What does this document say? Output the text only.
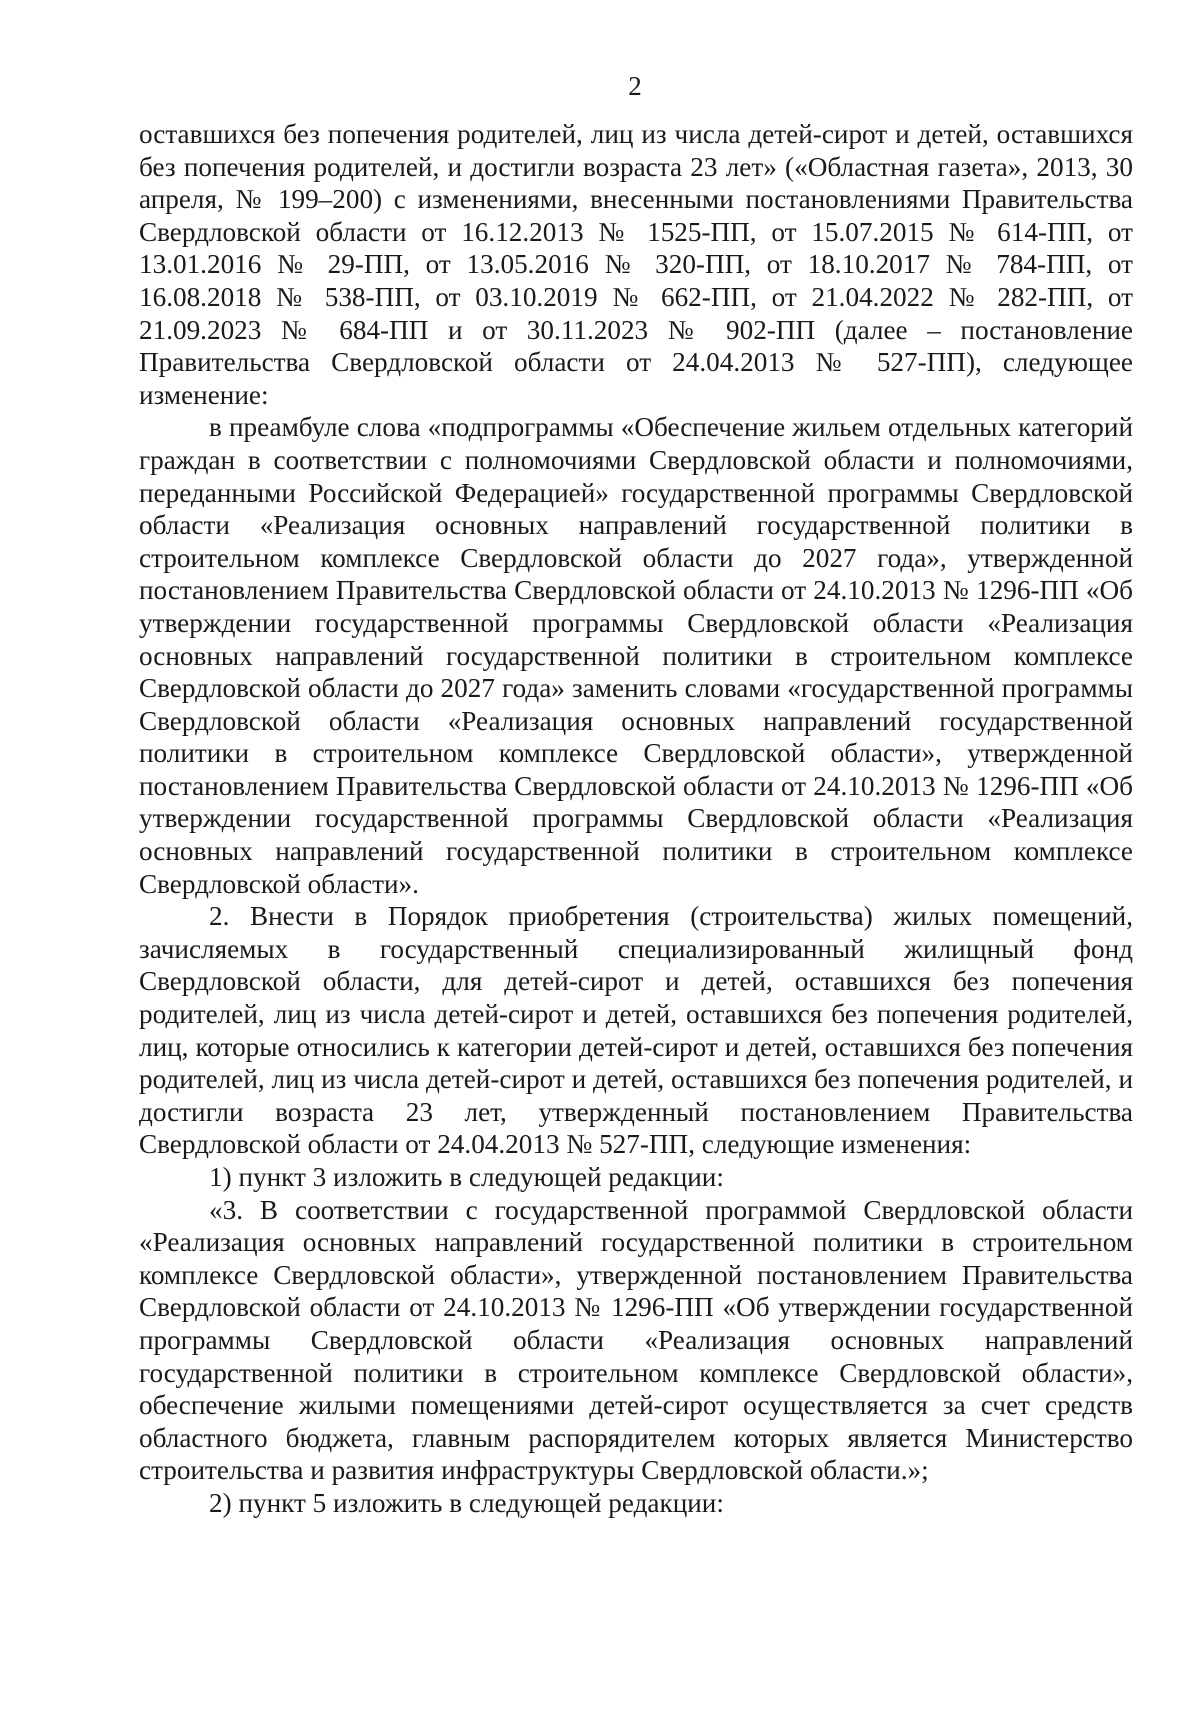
2

оставшихся без попечения родителей, лиц из числа детей-сирот и детей, оставшихся без попечения родителей, и достигли возраста 23 лет» («Областная газета», 2013, 30 апреля, № 199–200) с изменениями, внесенными постановлениями Правительства Свердловской области от 16.12.2013 № 1525-ПП, от 15.07.2015 № 614-ПП, от 13.01.2016 № 29-ПП, от 13.05.2016 № 320-ПП, от 18.10.2017 № 784-ПП, от 16.08.2018 № 538-ПП, от 03.10.2019 № 662-ПП, от 21.04.2022 № 282-ПП, от 21.09.2023 № 684-ПП и от 30.11.2023 № 902-ПП (далее – постановление Правительства Свердловской области от 24.04.2013 № 527-ПП), следующее изменение:

в преамбуле слова «подпрограммы «Обеспечение жильем отдельных категорий граждан в соответствии с полномочиями Свердловской области и полномочиями, переданными Российской Федерацией» государственной программы Свердловской области «Реализация основных направлений государственной политики в строительном комплексе Свердловской области до 2027 года», утвержденной постановлением Правительства Свердловской области от 24.10.2013 № 1296-ПП «Об утверждении государственной программы Свердловской области «Реализация основных направлений государственной политики в строительном комплексе Свердловской области до 2027 года» заменить словами «государственной программы Свердловской области «Реализация основных направлений государственной политики в строительном комплексе Свердловской области», утвержденной постановлением Правительства Свердловской области от 24.10.2013 № 1296-ПП «Об утверждении государственной программы Свердловской области «Реализация основных направлений государственной политики в строительном комплексе Свердловской области».

2. Внести в Порядок приобретения (строительства) жилых помещений, зачисляемых в государственный специализированный жилищный фонд Свердловской области, для детей-сирот и детей, оставшихся без попечения родителей, лиц из числа детей-сирот и детей, оставшихся без попечения родителей, лиц, которые относились к категории детей-сирот и детей, оставшихся без попечения родителей, лиц из числа детей-сирот и детей, оставшихся без попечения родителей, и достигли возраста 23 лет, утвержденный постановлением Правительства Свердловской области от 24.04.2013 № 527-ПП, следующие изменения:

1) пункт 3 изложить в следующей редакции:

«3. В соответствии с государственной программой Свердловской области «Реализация основных направлений государственной политики в строительном комплексе Свердловской области», утвержденной постановлением Правительства Свердловской области от 24.10.2013 № 1296-ПП «Об утверждении государственной программы Свердловской области «Реализация основных направлений государственной политики в строительном комплексе Свердловской области», обеспечение жилыми помещениями детей-сирот осуществляется за счет средств областного бюджета, главным распорядителем которых является Министерство строительства и развития инфраструктуры Свердловской области.»;

2) пункт 5 изложить в следующей редакции:
